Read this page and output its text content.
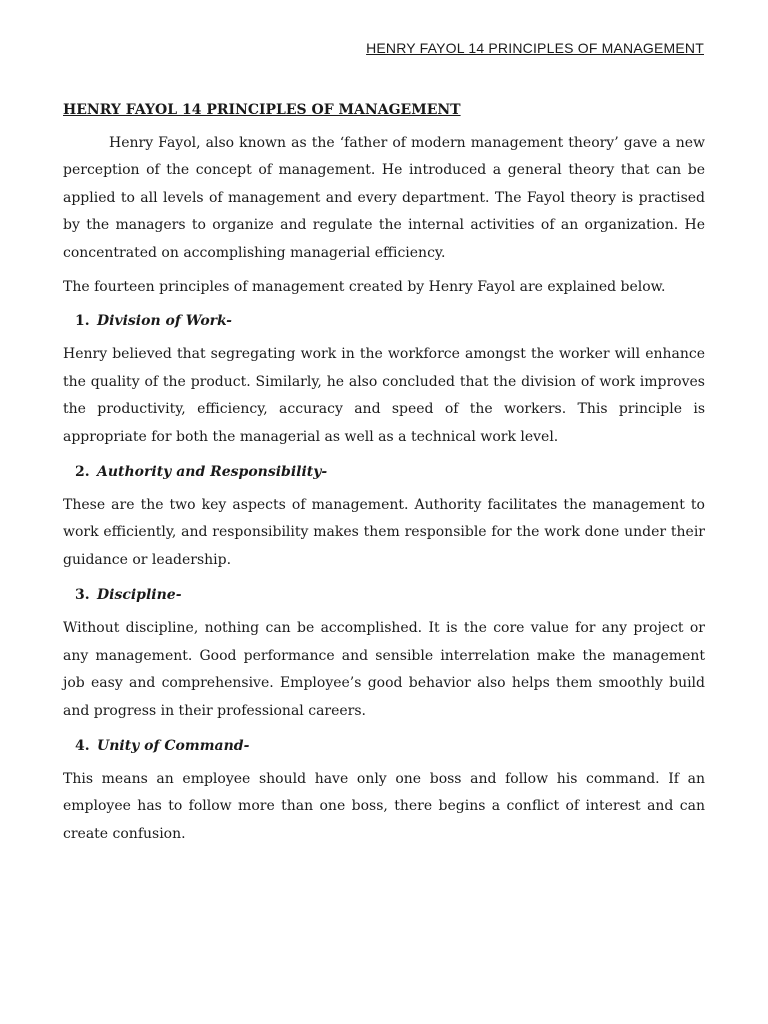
HENRY FAYOL 14 PRINCIPLES OF MANAGEMENT
HENRY FAYOL 14 PRINCIPLES OF MANAGEMENT

Henry Fayol, also known as the ‘father of modern management theory’ gave a new perception of the concept of management. He introduced a general theory that can be applied to all levels of management and every department. The Fayol theory is practised by the managers to organize and regulate the internal activities of an organization. He concentrated on accomplishing managerial efficiency.

The fourteen principles of management created by Henry Fayol are explained below.

1. Division of Work-

Henry believed that segregating work in the workforce amongst the worker will enhance the quality of the product. Similarly, he also concluded that the division of work improves the productivity, efficiency, accuracy and speed of the workers. This principle is appropriate for both the managerial as well as a technical work level.

2. Authority and Responsibility-

These are the two key aspects of management. Authority facilitates the management to work efficiently, and responsibility makes them responsible for the work done under their guidance or leadership.

3. Discipline-

Without discipline, nothing can be accomplished. It is the core value for any project or any management. Good performance and sensible interrelation make the management job easy and comprehensive. Employee’s good behavior also helps them smoothly build and progress in their professional careers.

4. Unity of Command-

This means an employee should have only one boss and follow his command. If an employee has to follow more than one boss, there begins a conflict of interest and can create confusion.
